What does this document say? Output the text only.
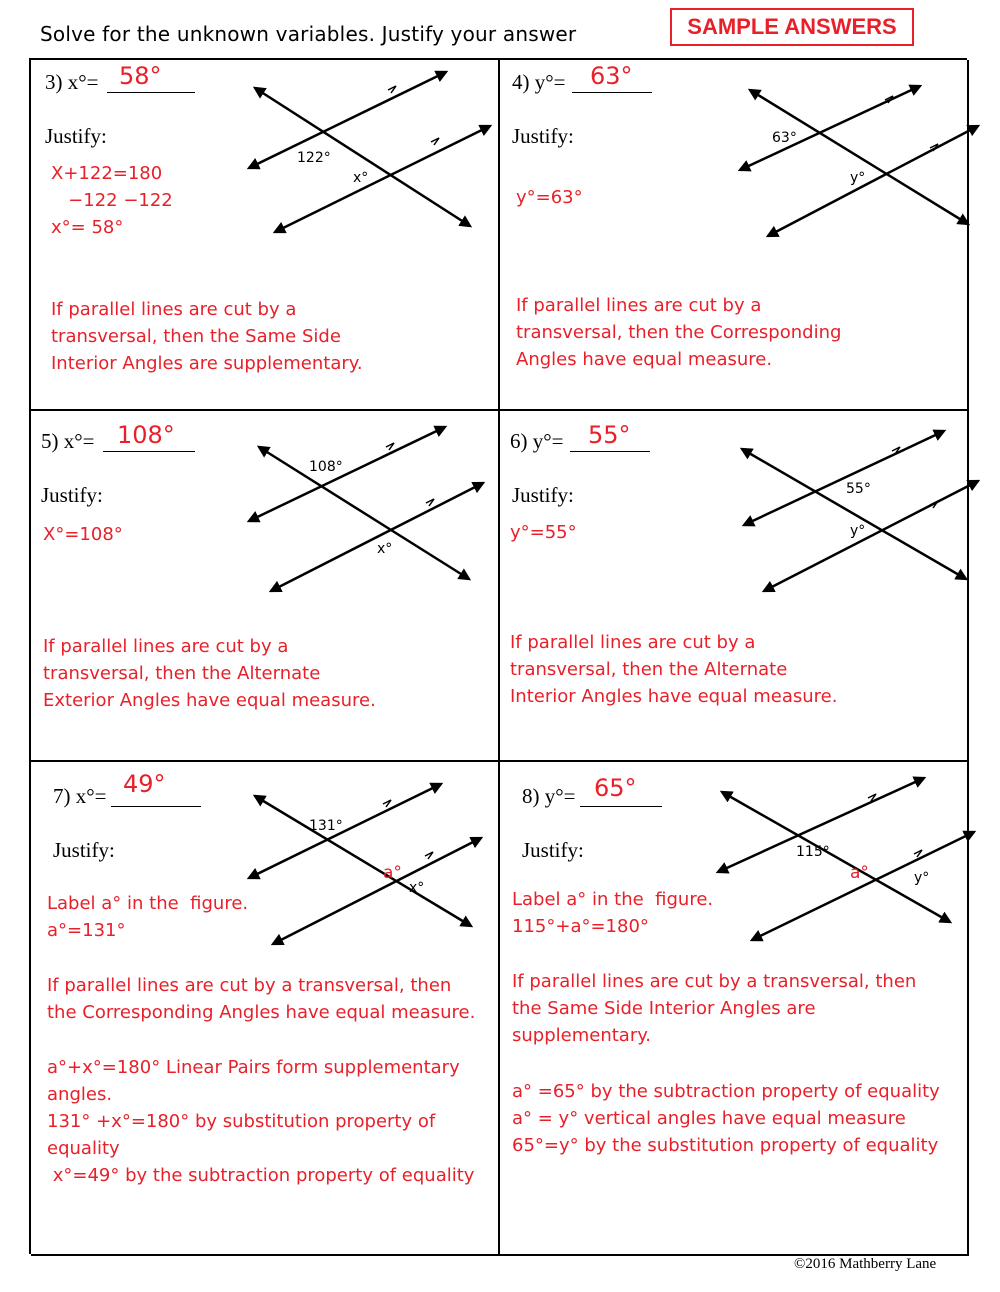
Solve for the unknown variables. Justify your answer	SAMPLE ANSWERS
3) x°= 58°
Justify:
X+122=180
−122 −122
x°= 58°
If parallel lines are cut by a
transversal, then the Same Side
Interior Angles are supplementary.
122°
x°
4) y°= 63°
Justify:
y°=63°
If parallel lines are cut by a
transversal, then the Corresponding
Angles have equal measure.
63°
y°
5) x°= 108°
Justify:
X°=108°
If parallel lines are cut by a
transversal, then the Alternate
Exterior Angles have equal measure.
108°
x°
6) y°= 55°
Justify:
y°=55°
If parallel lines are cut by a
transversal, then the Alternate
Interior Angles have equal measure.
55°
y°
7) x°= 49°
Justify:
Label a° in the  figure.
a°=131°
If parallel lines are cut by a transversal, then
the Corresponding Angles have equal measure.
a°+x°=180° Linear Pairs form supplementary
angles.
131° +x°=180° by substitution property of
equality
x°=49° by the subtraction property of equality
131°
a°
x°
8) y°= 65°
Justify:
Label a° in the  figure.
115°+a°=180°
If parallel lines are cut by a transversal, then
the Same Side Interior Angles are
supplementary.
a° =65° by the subtraction property of equality
a° = y° vertical angles have equal measure
65°=y° by the substitution property of equality
115°
a°	y°
©2016 Mathberry Lane
